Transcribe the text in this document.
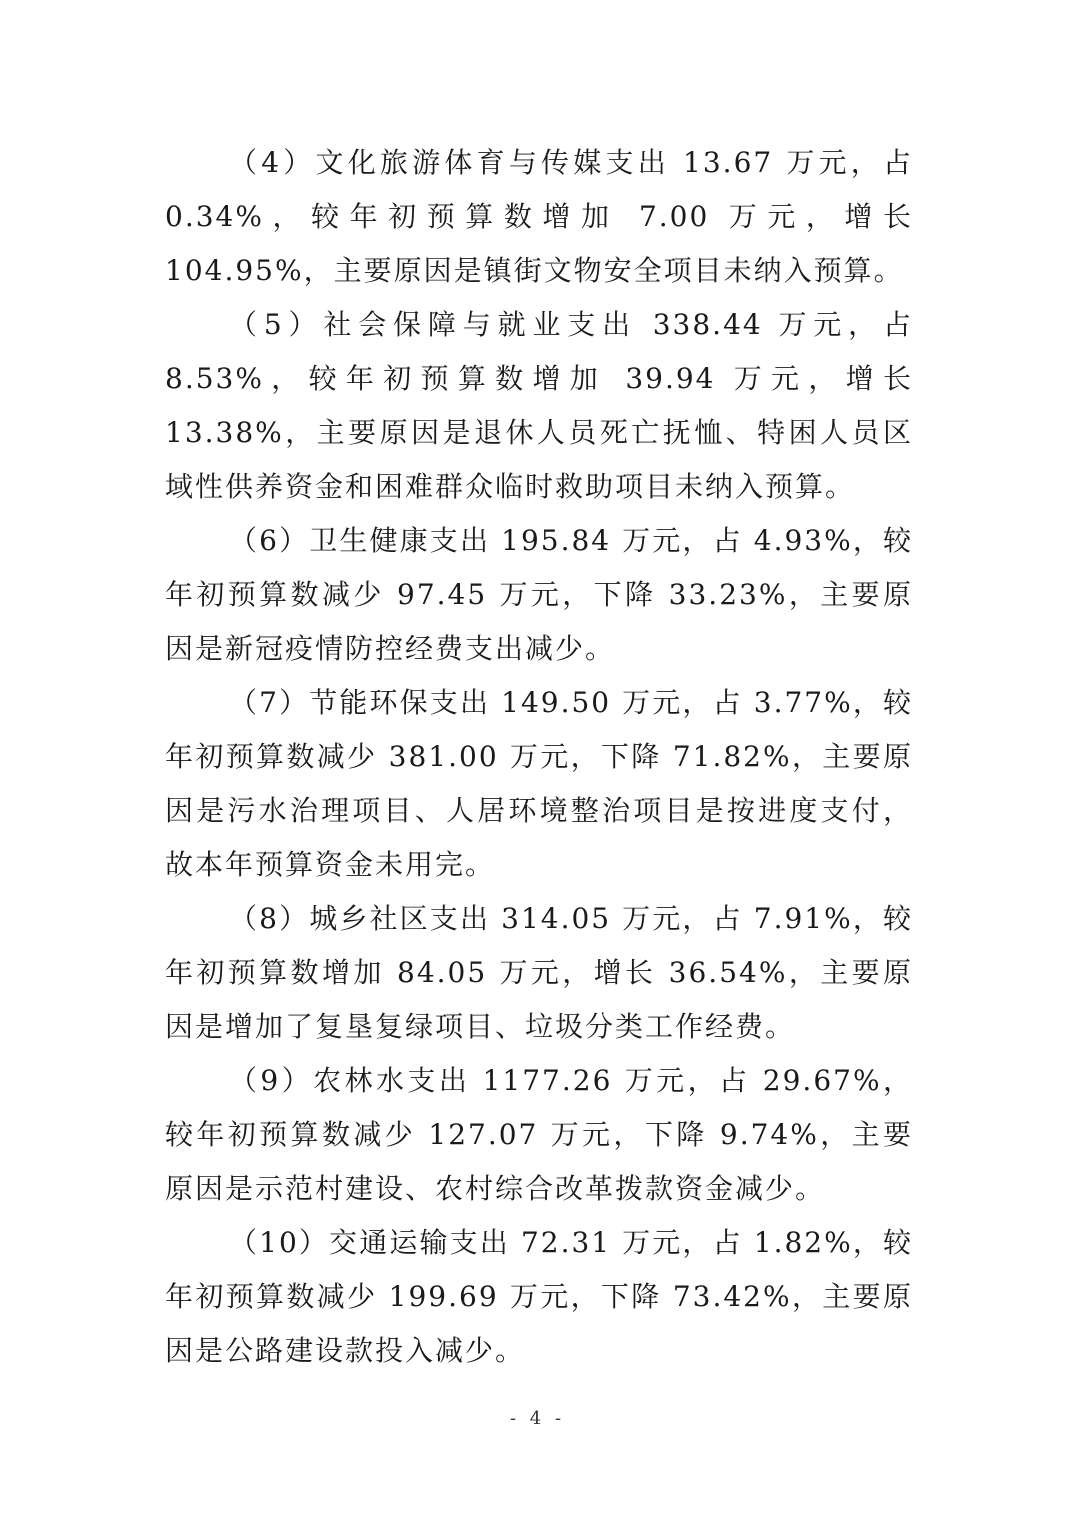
（4）文化旅游体育与传媒支出 13.67 万元，占 0.34%，较年初预算数增加 7.00 万元，增长 104.95%，主要原因是镇街文物安全项目未纳入预算。

（5）社会保障与就业支出 338.44 万元，占 8.53%，较年初预算数增加 39.94 万元，增长 13.38%，主要原因是退休人员死亡抚恤、特困人员区域性供养资金和困难群众临时救助项目未纳入预算。

（6）卫生健康支出 195.84 万元，占 4.93%，较年初预算数减少 97.45 万元，下降 33.23%，主要原因是新冠疫情防控经费支出减少。

（7）节能环保支出 149.50 万元，占 3.77%，较年初预算数减少 381.00 万元，下降 71.82%，主要原因是污水治理项目、人居环境整治项目是按进度支付，故本年预算资金未用完。

（8）城乡社区支出 314.05 万元，占 7.91%，较年初预算数增加 84.05 万元，增长 36.54%，主要原因是增加了复垦复绿项目、垃圾分类工作经费。

（9）农林水支出 1177.26 万元，占 29.67%，较年初预算数减少 127.07 万元，下降 9.74%，主要原因是示范村建设、农村综合改革拨款资金减少。

（10）交通运输支出 72.31 万元，占 1.82%，较年初预算数减少 199.69 万元，下降 73.42%，主要原因是公路建设款投入减少。

- 4 -
